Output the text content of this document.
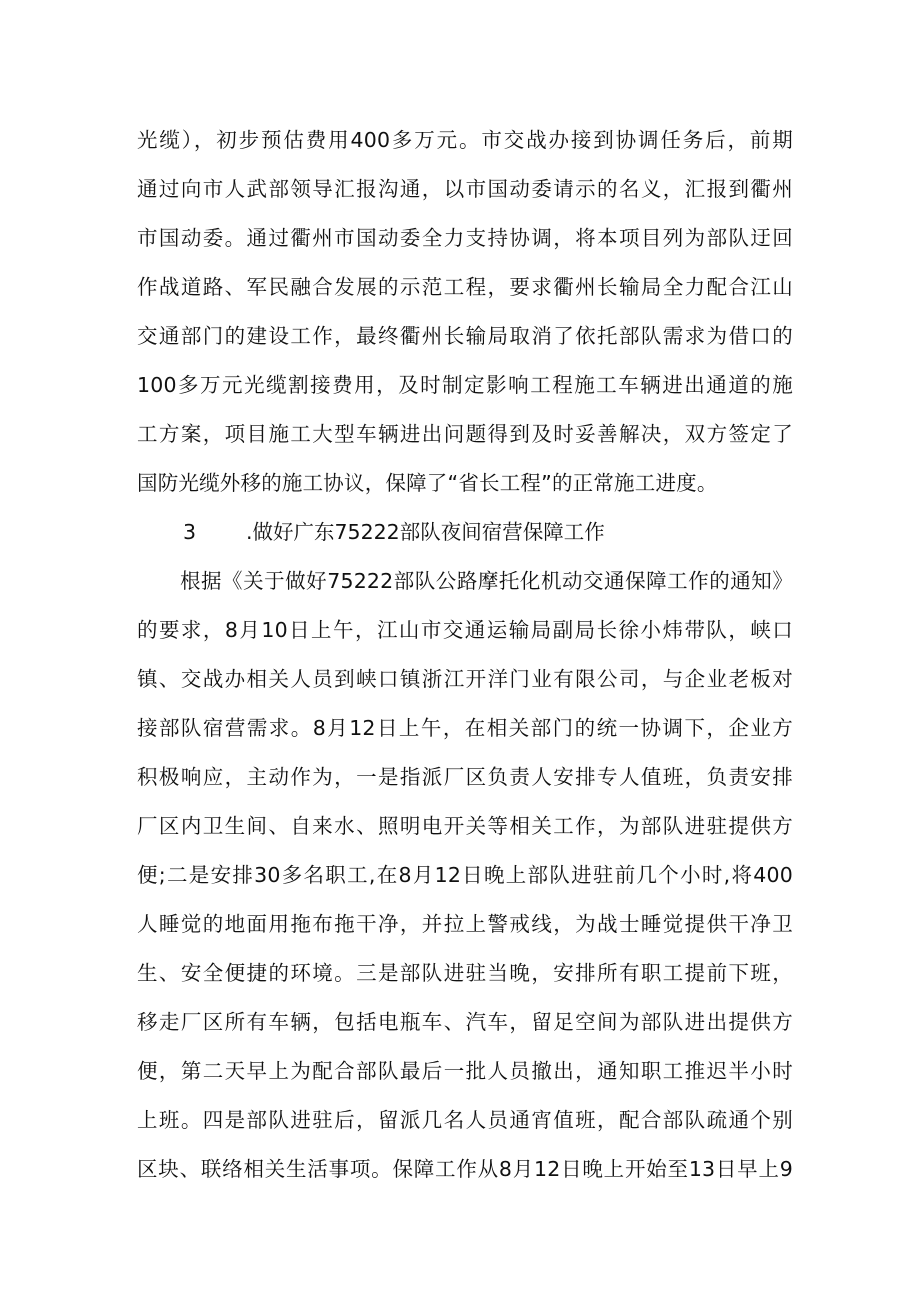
光缆），初步预估费用400多万元。市交战办接到协调任务后，前期
通过向市人武部领导汇报沟通，以市国动委请示的名义，汇报到衢州
市国动委。通过衢州市国动委全力支持协调，将本项目列为部队迂回
作战道路、军民融合发展的示范工程，要求衢州长输局全力配合江山
交通部门的建设工作，最终衢州长输局取消了依托部队需求为借口的
100多万元光缆割接费用，及时制定影响工程施工车辆进出通道的施
工方案，项目施工大型车辆进出问题得到及时妥善解决，双方签定了
国防光缆外移的施工协议，保障了“省长工程”的正常施工进度。
3 .做好广东75222部队夜间宿营保障工作
根据《关于做好75222部队公路摩托化机动交通保障工作的通知》
的要求，8月10日上午，江山市交通运输局副局长徐小炜带队，峡口
镇、交战办相关人员到峡口镇浙江开洋门业有限公司，与企业老板对
接部队宿营需求。8月12日上午，在相关部门的统一协调下，企业方
积极响应，主动作为，一是指派厂区负责人安排专人值班，负责安排
厂区内卫生间、自来水、照明电开关等相关工作，为部队进驻提供方
便;二是安排30多名职工,在8月12日晚上部队进驻前几个小时,将400
人睡觉的地面用拖布拖干净，并拉上警戒线，为战士睡觉提供干净卫
生、安全便捷的环境。三是部队进驻当晚，安排所有职工提前下班，
移走厂区所有车辆，包括电瓶车、汽车，留足空间为部队进出提供方
便，第二天早上为配合部队最后一批人员撤出，通知职工推迟半小时
上班。四是部队进驻后，留派几名人员通宵值班，配合部队疏通个别
区块、联络相关生活事项。保障工作从8月12日晚上开始至13日早上9
